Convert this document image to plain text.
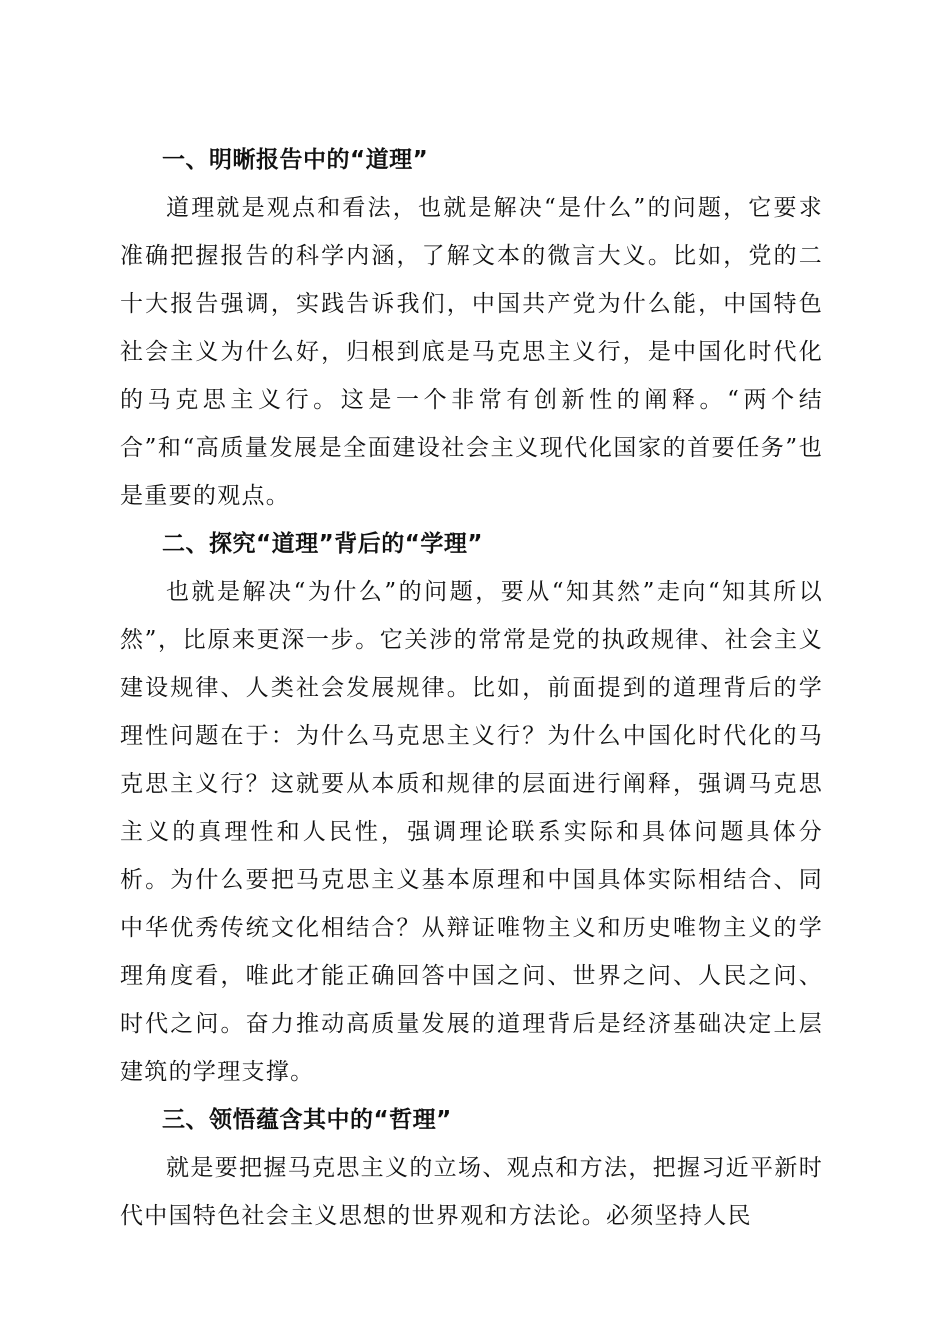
一、明晰报告中的“道理”

道理就是观点和看法，也就是解决“是什么”的问题，它要求准确把握报告的科学内涵，了解文本的微言大义。比如，党的二十大报告强调，实践告诉我们，中国共产党为什么能，中国特色社会主义为什么好，归根到底是马克思主义行，是中国化时代化的马克思主义行。这是一个非常有创新性的阐释。“两个结合”和“高质量发展是全面建设社会主义现代化国家的首要任务”也是重要的观点。

二、探究“道理”背后的“学理”

也就是解决“为什么”的问题，要从“知其然”走向“知其所以然”，比原来更深一步。它关涉的常常是党的执政规律、社会主义建设规律、人类社会发展规律。比如，前面提到的道理背后的学理性问题在于：为什么马克思主义行？为什么中国化时代化的马克思主义行？这就要从本质和规律的层面进行阐释，强调马克思主义的真理性和人民性，强调理论联系实际和具体问题具体分析。为什么要把马克思主义基本原理和中国具体实际相结合、同中华优秀传统文化相结合？从辩证唯物主义和历史唯物主义的学理角度看，唯此才能正确回答中国之问、世界之问、人民之问、时代之问。奋力推动高质量发展的道理背后是经济基础决定上层建筑的学理支撑。

三、领悟蕴含其中的“哲理”

就是要把握马克思主义的立场、观点和方法，把握习近平新时代中国特色社会主义思想的世界观和方法论。必须坚持人民
